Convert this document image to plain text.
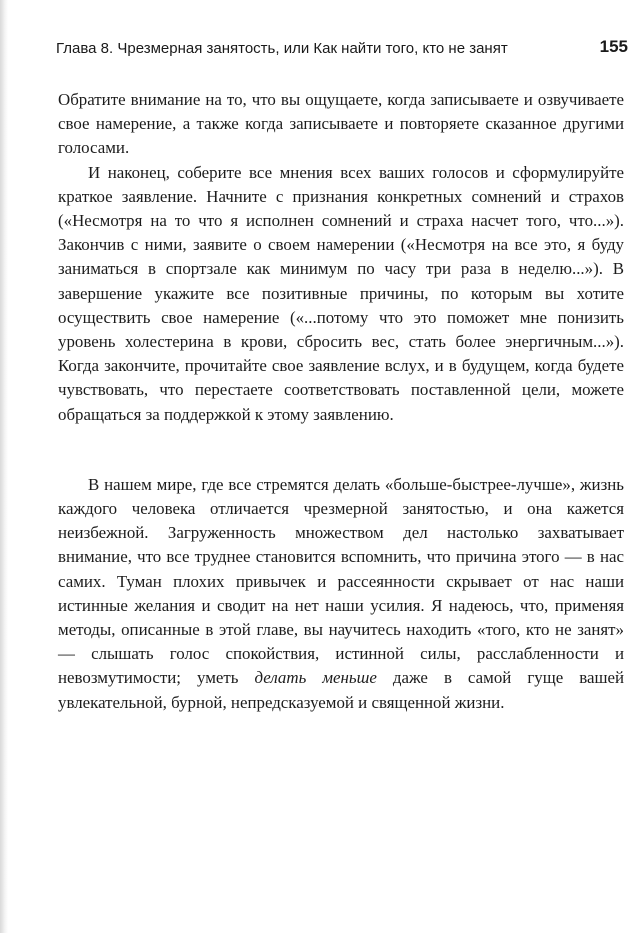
Глава 8. Чрезмерная занятость, или Как найти того, кто не занят	155

Обратите внимание на то, что вы ощущаете, когда записываете и озвучиваете свое намерение, а также когда записываете и повторяете сказанное другими голосами.

И наконец, соберите все мнения всех ваших голосов и сформулируйте краткое заявление. Начните с признания конкретных сомнений и страхов («Несмотря на то что я исполнен сомнений и страха насчет того, что...»). Закончив с ними, заявите о своем намерении («Несмотря на все это, я буду заниматься в спортзале как минимум по часу три раза в неделю...»). В завершение укажите все позитивные причины, по которым вы хотите осуществить свое намерение («...потому что это поможет мне понизить уровень холестерина в крови, сбросить вес, стать более энергичным...»). Когда закончите, прочитайте свое заявление вслух, и в будущем, когда будете чувствовать, что перестаете соответствовать поставленной цели, можете обращаться за поддержкой к этому заявлению.

В нашем мире, где все стремятся делать «больше-быстрее-лучше», жизнь каждого человека отличается чрезмерной занятостью, и она кажется неизбежной. Загруженность множеством дел настолько захватывает внимание, что все труднее становится вспомнить, что причина этого — в нас самих. Туман плохих привычек и рассеянности скрывает от нас наши истинные желания и сводит на нет наши усилия. Я надеюсь, что, применяя методы, описанные в этой главе, вы научитесь находить «того, кто не занят» — слышать голос спокойствия, истинной силы, расслабленности и невозмутимости; уметь делать меньше даже в самой гуще вашей увлекательной, бурной, непредсказуемой и священной жизни.
